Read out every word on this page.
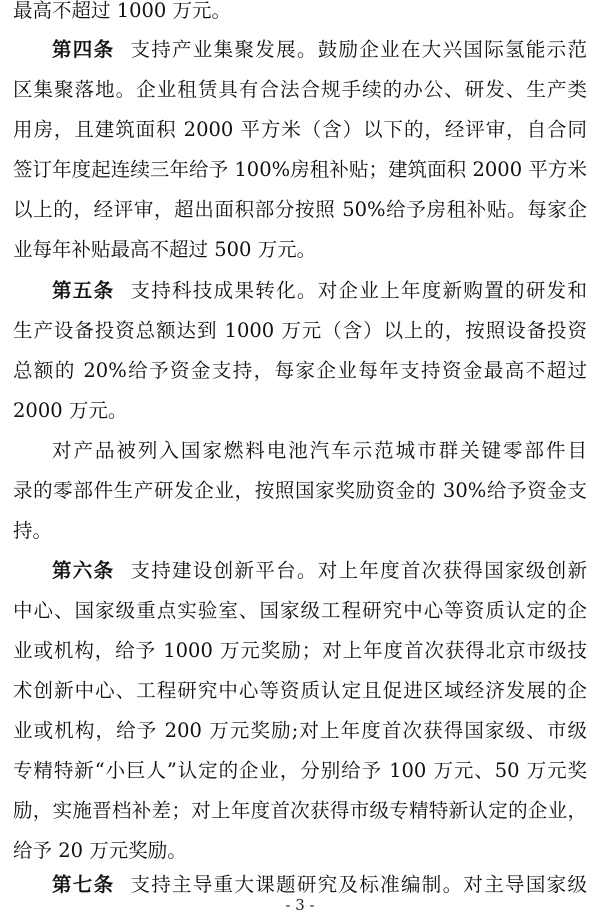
最高不超过 1000 万元。
第四条 支持产业集聚发展。鼓励企业在大兴国际氢能示范
区集聚落地。企业租赁具有合法合规手续的办公、研发、生产类
用房，且建筑面积 2000 平方米（含）以下的，经评审，自合同
签订年度起连续三年给予 100%房租补贴；建筑面积 2000 平方米
以上的，经评审，超出面积部分按照 50%给予房租补贴。每家企
业每年补贴最高不超过 500 万元。
第五条 支持科技成果转化。对企业上年度新购置的研发和
生产设备投资总额达到 1000 万元（含）以上的，按照设备投资
总额的 20%给予资金支持，每家企业每年支持资金最高不超过
2000 万元。
对产品被列入国家燃料电池汽车示范城市群关键零部件目
录的零部件生产研发企业，按照国家奖励资金的 30%给予资金支
持。
第六条 支持建设创新平台。对上年度首次获得国家级创新
中心、国家级重点实验室、国家级工程研究中心等资质认定的企
业或机构，给予 1000 万元奖励；对上年度首次获得北京市级技
术创新中心、工程研究中心等资质认定且促进区域经济发展的企
业或机构，给予 200 万元奖励;对上年度首次获得国家级、市级
专精特新“小巨人”认定的企业，分别给予 100 万元、50 万元奖
励，实施晋档补差；对上年度首次获得市级专精特新认定的企业，
给予 20 万元奖励。
第七条 支持主导重大课题研究及标准编制。对主导国家级
- 3 -
